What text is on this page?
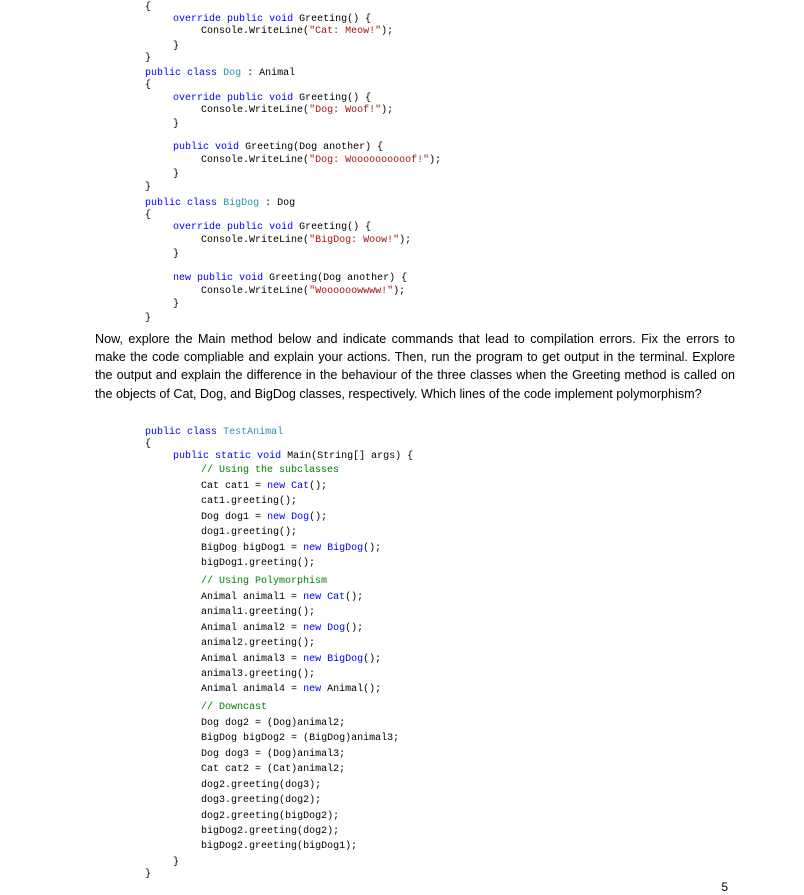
{
override public void Greeting() {
Console.WriteLine("Cat: Meow!");
}
}
public class Dog : Animal
{
override public void Greeting() {
Console.WriteLine("Dog: Woof!");
}
public void Greeting(Dog another) {
Console.WriteLine("Dog: Woooooooooof!");
}
}
public class BigDog : Dog
{
override public void Greeting() {
Console.WriteLine("BigDog: Woow!");
}
new public void Greeting(Dog another) {
Console.WriteLine("Woooooowwww!");
}
}

Now, explore the Main method below and indicate commands that lead to compilation errors. Fix the errors to make the code compliable and explain your actions. Then, run the program to get output in the terminal. Explore the output and explain the difference in the behaviour of the three classes when the Greeting method is called on the objects of Cat, Dog, and BigDog classes, respectively. Which lines of the code implement polymorphism?

public class TestAnimal
{
public static void Main(String[] args) {
// Using the subclasses
Cat cat1 = new Cat();
cat1.greeting();
Dog dog1 = new Dog();
dog1.greeting();
BigDog bigDog1 = new BigDog();
bigDog1.greeting();
// Using Polymorphism
Animal animal1 = new Cat();
animal1.greeting();
Animal animal2 = new Dog();
animal2.greeting();
Animal animal3 = new BigDog();
animal3.greeting();
Animal animal4 = new Animal();
// Downcast
Dog dog2 = (Dog)animal2;
BigDog bigDog2 = (BigDog)animal3;
Dog dog3 = (Dog)animal3;
Cat cat2 = (Cat)animal2;
dog2.greeting(dog3);
dog3.greeting(dog2);
dog2.greeting(bigDog2);
bigDog2.greeting(dog2);
bigDog2.greeting(bigDog1);
}
}
5
